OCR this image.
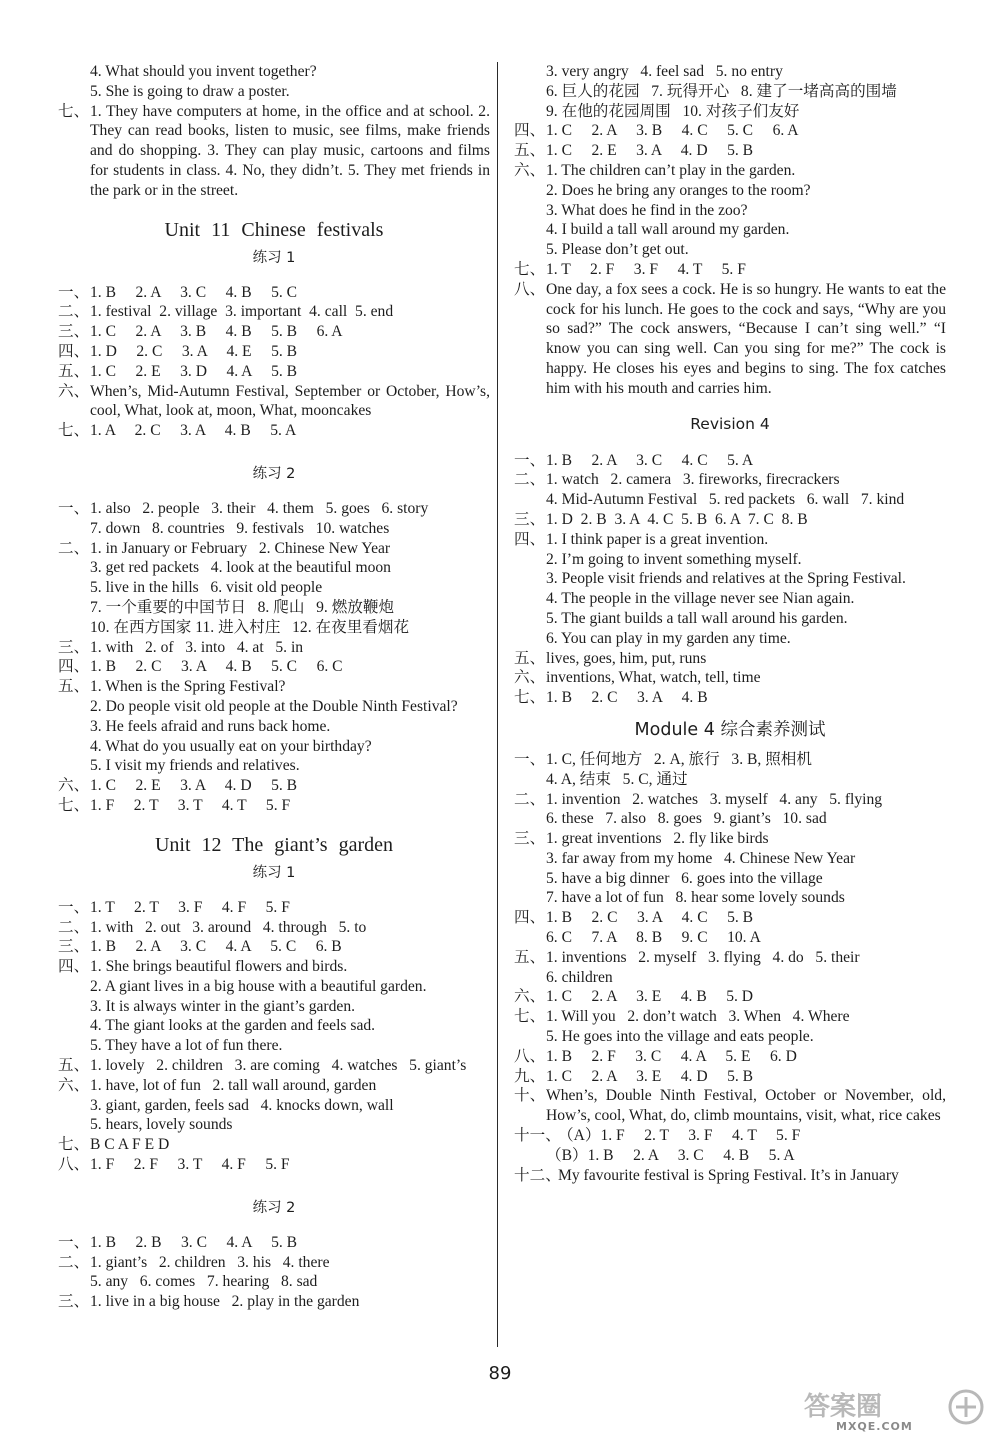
4. What should you invent together?
5. She is going to draw a poster.
七、 1. They have computers at home, in the office and at school. 2. They can read books, listen to music, see films, make friends and do shopping. 3. They can play music, cartoons and films for students in class. 4. No, they didn’t. 5. They met friends in the park or in the street.
Unit 11 Chinese festivals
练习 1
一、 1. B     2. A     3. C     4. B     5. C
二、 1. festival  2. village  3. important  4. call  5. end
三、 1. C     2. A     3. B     4. B     5. B     6. A
四、 1. D     2. C     3. A     4. E     5. B
五、 1. C     2. E     3. D     4. A     5. B
六、 When’s, Mid-Autumn Festival, September or October, How’s, cool, What, look at, moon, What, mooncakes
七、 1. A     2. C     3. A     4. B     5. A
练习 2
一、 1. also   2. people   3. their   4. them   5. goes   6. story
7. down   8. countries   9. festivals   10. watches
二、 1. in January or February   2. Chinese New Year
3. get red packets   4. look at the beautiful moon
5. live in the hills   6. visit old people
7. 一个重要的中国节日   8. 爬山   9. 燃放鞭炮
10. 在西方国家 11. 进入村庄   12. 在夜里看烟花
三、 1. with   2. of   3. into   4. at   5. in
四、 1. B     2. C     3. A     4. B     5. C     6. C
五、 1. When is the Spring Festival?
2. Do people visit old people at the Double Ninth Festival?
3. He feels afraid and runs back home.
4. What do you usually eat on your birthday?
5. I visit my friends and relatives.
六、 1. C     2. E     3. A     4. D     5. B
七、 1. F     2. T     3. T     4. T     5. F
Unit 12 The giant’s garden
练习 1
一、 1. T     2. T     3. F     4. F     5. F
二、 1. with   2. out   3. around   4. through   5. to
三、 1. B     2. A     3. C     4. A     5. C     6. B
四、 1. She brings beautiful flowers and birds.
2. A giant lives in a big house with a beautiful garden.
3. It is always winter in the giant’s garden.
4. The giant looks at the garden and feels sad.
5. They have a lot of fun there.
五、 1. lovely   2. children   3. are coming   4. watches   5. giant’s
六、 1. have, lot of fun   2. tall wall around, garden
3. giant, garden, feels sad   4. knocks down, wall
5. hears, lovely sounds
七、 B C A F E D
八、 1. F     2. F     3. T     4. F     5. F
练习 2
一、 1. B     2. B     3. C     4. A     5. B
二、 1. giant’s   2. children   3. his   4. there
5. any   6. comes   7. hearing   8. sad
三、 1. live in a big house   2. play in the garden
3. very angry   4. feel sad   5. no entry
6. 巨人的花园   7. 玩得开心   8. 建了一堵高高的围墙
9. 在他的花园周围   10. 对孩子们友好
四、 1. C     2. A     3. B     4. C     5. C     6. A
五、 1. C     2. E     3. A     4. D     5. B
六、 1. The children can’t play in the garden.
2. Does he bring any oranges to the room?
3. What does he find in the zoo?
4. I build a tall wall around my garden.
5. Please don’t get out.
七、 1. T     2. F     3. F     4. T     5. F
八、 One day, a fox sees a cock. He is so hungry. He wants to eat the cock for his lunch. He goes to the cock and says, “Why are you so sad?” The cock answers, “Because I can’t sing well.” “I know you can sing well. Can you sing for me?” The cock is happy. He closes his eyes and begins to sing. The fox catches him with his mouth and carries him.
Revision 4
一、 1. B     2. A     3. C     4. C     5. A
二、 1. watch   2. camera   3. fireworks, firecrackers
4. Mid-Autumn Festival   5. red packets   6. wall   7. kind
三、 1. D  2. B  3. A  4. C  5. B  6. A  7. C  8. B
四、 1. I think paper is a great invention.
2. I’m going to invent something myself.
3. People visit friends and relatives at the Spring Festival.
4. The people in the village never see Nian again.
5. The giant builds a tall wall around his garden.
6. You can play in my garden any time.
五、 lives, goes, him, put, runs
六、 inventions, What, watch, tell, time
七、 1. B     2. C     3. A     4. B
Module 4 综合素养测试
一、 1. C, 任何地方   2. A, 旅行   3. B, 照相机
4. A, 结束   5. C, 通过
二、 1. invention   2. watches   3. myself   4. any   5. flying
6. these   7. also   8. goes   9. giant’s   10. sad
三、 1. great inventions   2. fly like birds
3. far away from my home   4. Chinese New Year
5. have a big dinner   6. goes into the village
7. have a lot of fun   8. hear some lovely sounds
四、 1. B     2. C     3. A     4. C     5. B
6. C     7. A     8. B     9. C     10. A
五、 1. inventions   2. myself   3. flying   4. do   5. their
6. children
六、 1. C     2. A     3. E     4. B     5. D
七、 1. Will you   2. don’t watch   3. When   4. Where
5. He goes into the village and eats people.
八、 1. B     2. F     3. C     4. A     5. E     6. D
九、 1. C     2. A     3. E     4. D     5. B
十、 When’s, Double Ninth Festival, October or November, old, How’s, cool, What, do, climb mountains, visit, what, rice cakes
十一、
（A）1. F     2. T     3. F     4. T     5. F
（B）1. B     2. A     3. C     4. B     5. A
十二、
My favourite festival is Spring Festival. It’s in January
89
答案圈
MXQE.COM
